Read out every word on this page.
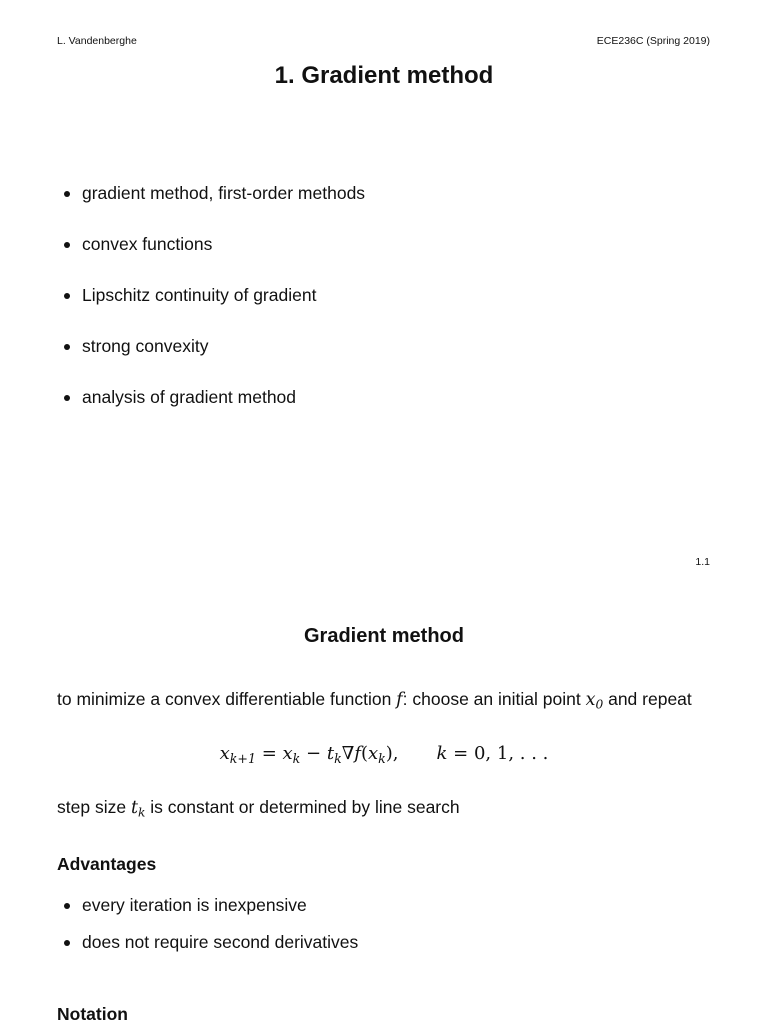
L. Vandenberghe	ECE236C (Spring 2019)
1. Gradient method
gradient method, first-order methods
convex functions
Lipschitz continuity of gradient
strong convexity
analysis of gradient method
1.1
Gradient method
to minimize a convex differentiable function f: choose an initial point $x_0$ and repeat
$x_{k+1} = x_k - t_k\nabla f(x_k)$, k = 0, 1, . . .
step size $t_k$ is constant or determined by line search
Advantages
every iteration is inexpensive
does not require second derivatives
Notation
